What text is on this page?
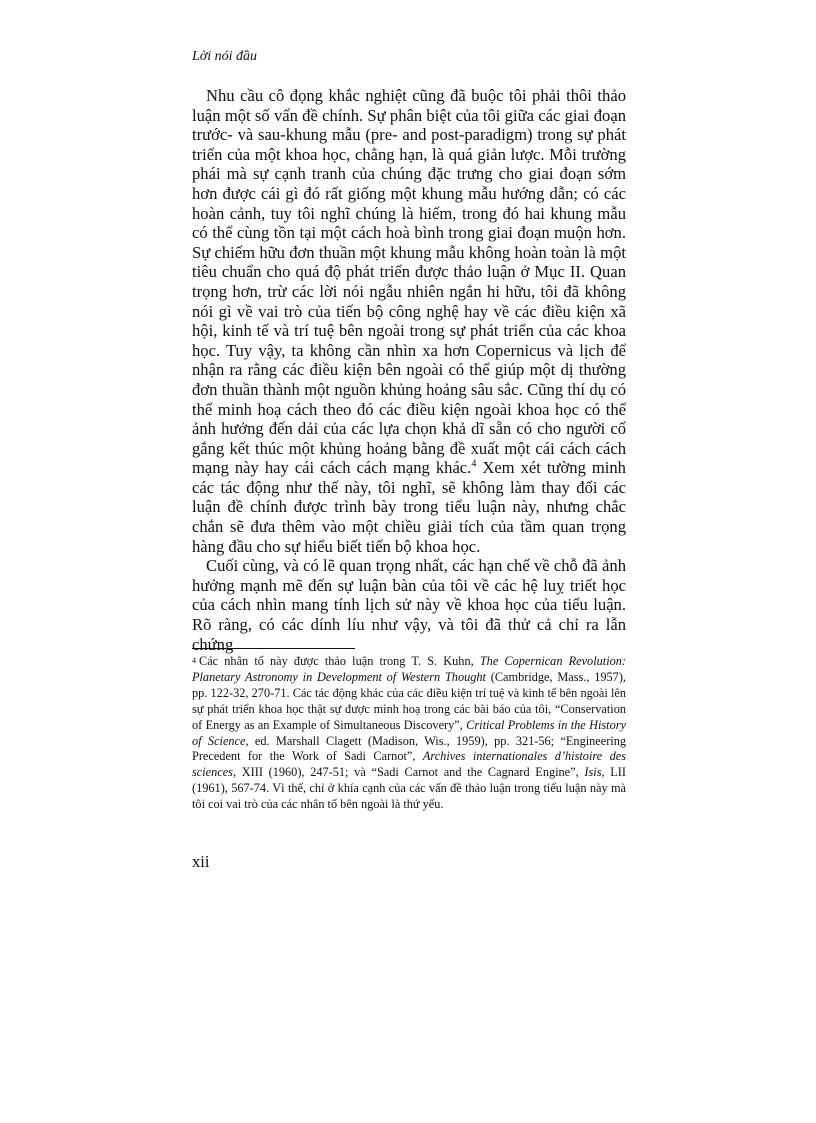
Lời nói đầu

Nhu cầu cô đọng khắc nghiệt cũng đã buộc tôi phải thôi thảo luận một số vấn đề chính. Sự phân biệt của tôi giữa các giai đoạn trước- và sau-khung mẫu (pre- and post-paradigm) trong sự phát triển của một khoa học, chẳng hạn, là quá giản lược. Mỗi trường phái mà sự cạnh tranh của chúng đặc trưng cho giai đoạn sớm hơn được cái gì đó rất giống một khung mẫu hướng dẫn; có các hoàn cảnh, tuy tôi nghĩ chúng là hiếm, trong đó hai khung mẫu có thể cùng tồn tại một cách hoà bình trong giai đoạn muộn hơn. Sự chiếm hữu đơn thuần một khung mẫu không hoàn toàn là một tiêu chuẩn cho quá độ phát triển được thảo luận ở Mục II. Quan trọng hơn, trừ các lời nói ngẫu nhiên ngắn hi hữu, tôi đã không nói gì về vai trò của tiến bộ công nghệ hay về các điều kiện xã hội, kinh tế và trí tuệ bên ngoài trong sự phát triển của các khoa học. Tuy vậy, ta không cần nhìn xa hơn Copernicus và lịch để nhận ra rằng các điều kiện bên ngoài có thể giúp một dị thường đơn thuần thành một nguồn khủng hoảng sâu sắc. Cũng thí dụ có thể minh hoạ cách theo đó các điều kiện ngoài khoa học có thể ảnh hưởng đến dải của các lựa chọn khả dĩ sẵn có cho người cố gắng kết thúc một khủng hoảng bằng đề xuất một cái cách cách mạng này hay cái cách cách mạng khác.$^4$ Xem xét tường minh các tác động như thế này, tôi nghĩ, sẽ không làm thay đổi các luận đề chính được trình bày trong tiểu luận này, nhưng chắc chắn sẽ đưa thêm vào một chiều giải tích của tầm quan trọng hàng đầu cho sự hiểu biết tiến bộ khoa học.

Cuối cùng, và có lẽ quan trọng nhất, các hạn chế về chỗ đã ảnh hưởng mạnh mẽ đến sự luận bàn của tôi về các hệ luỵ triết học của cách nhìn mang tính lịch sử này về khoa học của tiểu luận. Rõ ràng, có các dính líu như vậy, và tôi đã thử cả chỉ ra lẫn chứng

$^4$ Các nhân tố này được thảo luận trong T. S. Kuhn, The Copernican Revolution: Planetary Astronomy in Development of Western Thought (Cambridge, Mass., 1957), pp. 122-32, 270-71. Các tác động khác của các điều kiện trí tuệ và kinh tế bên ngoài lên sự phát triển khoa học thật sự được minh hoạ trong các bài báo của tôi, “Conservation of Energy as an Example of Simultaneous Discovery”, Critical Problems in the History of Science, ed. Marshall Clagett (Madison, Wis., 1959), pp. 321-56; “Engineering Precedent for the Work of Sadi Carnot”, Archives internationales d’histoire des sciences, XIII (1960), 247-51; và “Sadi Carnot and the Cagnard Engine”, Isis, LII (1961), 567-74. Vì thế, chỉ ở khía cạnh của các vấn đề thảo luận trong tiểu luận này mà tôi coi vai trò của các nhân tố bên ngoài là thứ yếu.
xii
